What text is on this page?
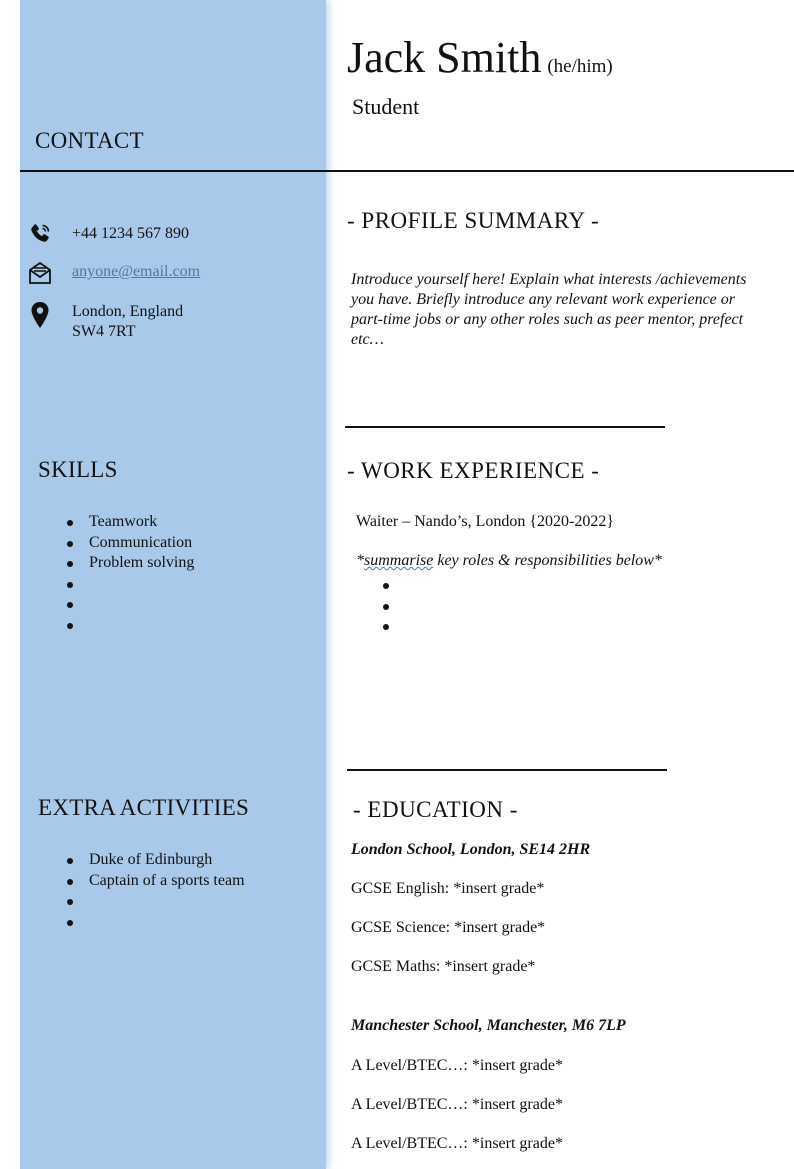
Jack Smith (he/him)
Student
CONTACT
+44 1234 567 890
anyone@email.com
London, England
SW4 7RT
SKILLS
Teamwork
Communication
Problem solving
EXTRA ACTIVITIES
Duke of Edinburgh
Captain of a sports team
- PROFILE SUMMARY -
Introduce yourself here! Explain what interests /achievements you have. Briefly introduce any relevant work experience or part-time jobs or any other roles such as peer mentor, prefect etc…
- WORK EXPERIENCE -
Waiter – Nando’s, London {2020-2022}
*summarise key roles & responsibilities below*
- EDUCATION -
London School, London, SE14 2HR
GCSE English: *insert grade*
GCSE Science: *insert grade*
GCSE Maths: *insert grade*
Manchester School, Manchester, M6 7LP
A Level/BTEC…: *insert grade*
A Level/BTEC…: *insert grade*
A Level/BTEC…: *insert grade*
